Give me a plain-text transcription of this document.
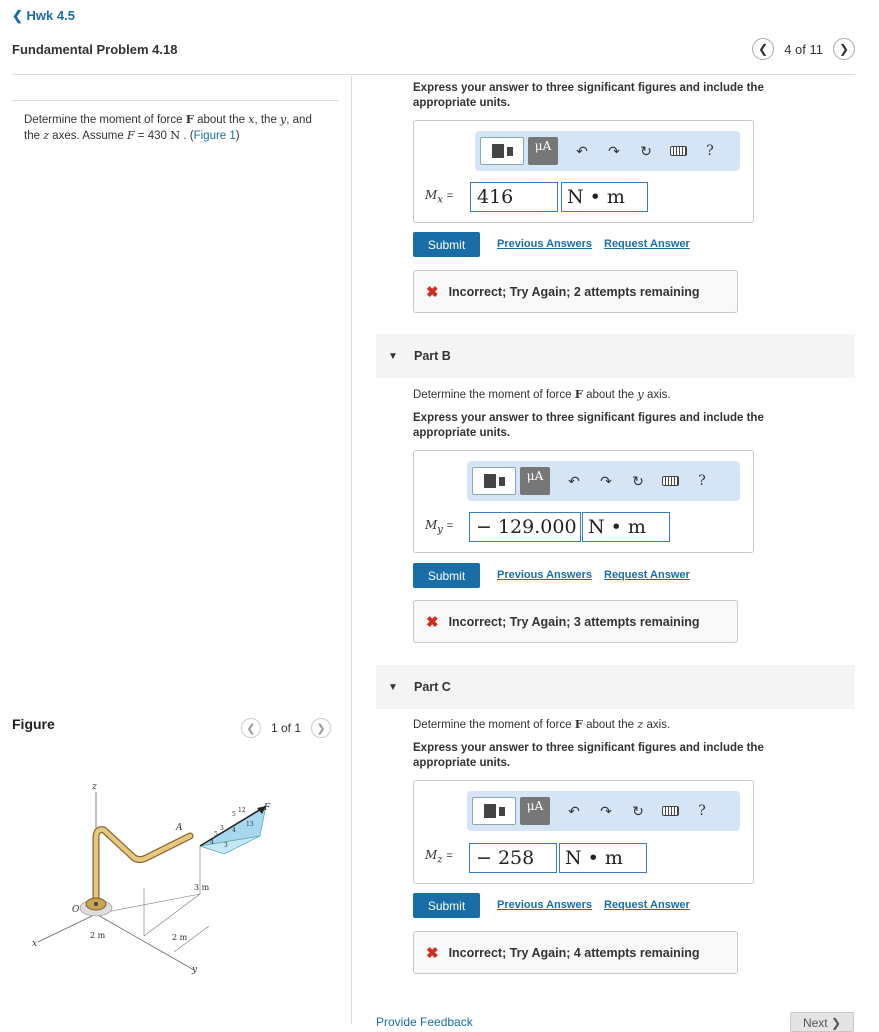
❮ Hwk 4.5
Fundamental Problem 4.18	❮ 4 of 11 ❯
Determine the moment of force F about the x, the y, and the z axes. Assume F = 430 N . (Figure 1)
Figure	❮ 1 of 1 ❯
z
F
A
O
x
y
3 m
2 m	2 m
5
5
4
3
4
3
13
12
Express your answer to three significant figures and include the appropriate units.
μA	↶	↷	↻	?
$M_x$ =	416	N • m
Submit	Previous Answers Request Answer
✖ Incorrect; Try Again; 2 attempts remaining
▼	Part B
Determine the moment of force F about the y axis.
Express your answer to three significant figures and include the appropriate units.
μA	↶	↷	↻	?
$M_y$ =	− 129.000 N • m
Submit	Previous Answers Request Answer
✖ Incorrect; Try Again; 3 attempts remaining
▼	Part C
Determine the moment of force F about the z axis.
Express your answer to three significant figures and include the appropriate units.
μA	↶	↷	↻	?
$M_z$ =	− 258	N • m
Submit	Previous Answers Request Answer
✖ Incorrect; Try Again; 4 attempts remaining
Provide Feedback	Next ❯
